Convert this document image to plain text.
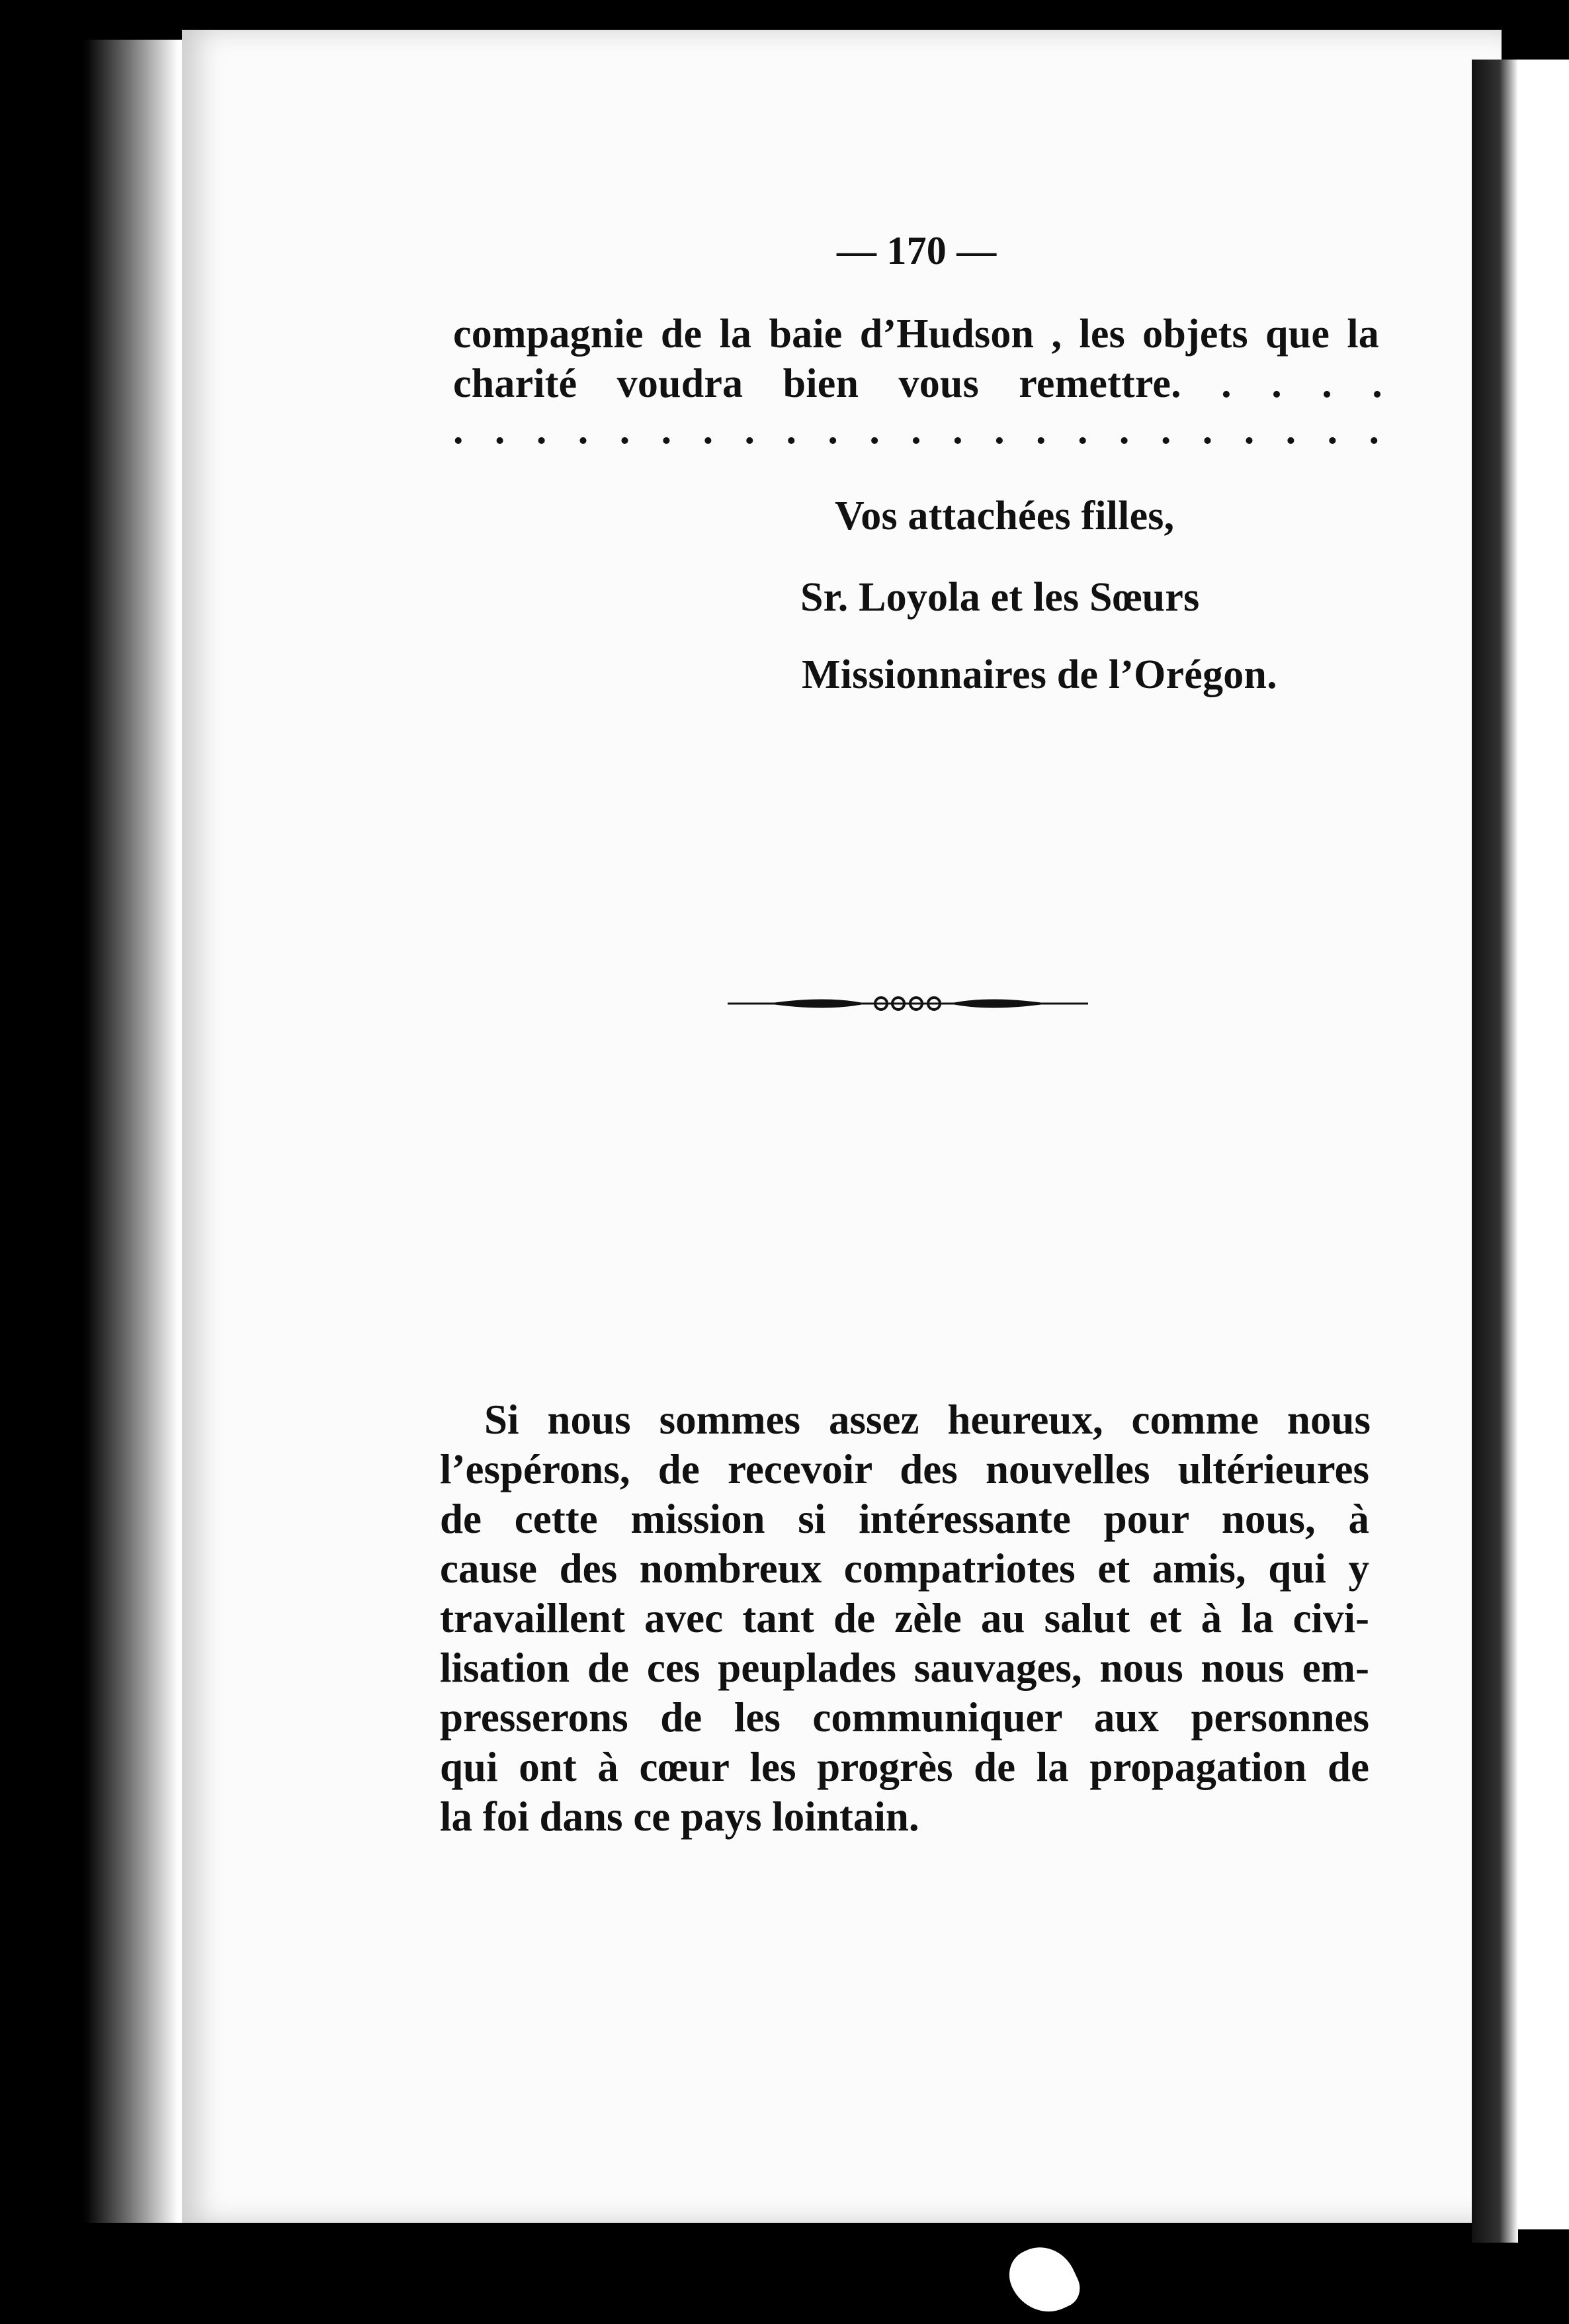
— 170 —
compagnie de la baie d’Hudson , les objets que la
charité voudra bien vous remettre. . . . .
. . . . . . . . . . . . . . . . . . . . . . .
Vos attachées filles,
Sr. Loyola et les Sœurs
Missionnaires de l’Orégon.
Si nous sommes assez heureux, comme nous
l’espérons, de recevoir des nouvelles ultérieures
de cette mission si intéressante pour nous, à
cause des nombreux compatriotes et amis, qui y
travaillent avec tant de zèle au salut et à la civi-
lisation de ces peuplades sauvages, nous nous em-
presserons de les communiquer aux personnes
qui ont à cœur les progrès de la propagation de
la foi dans ce pays lointain.
